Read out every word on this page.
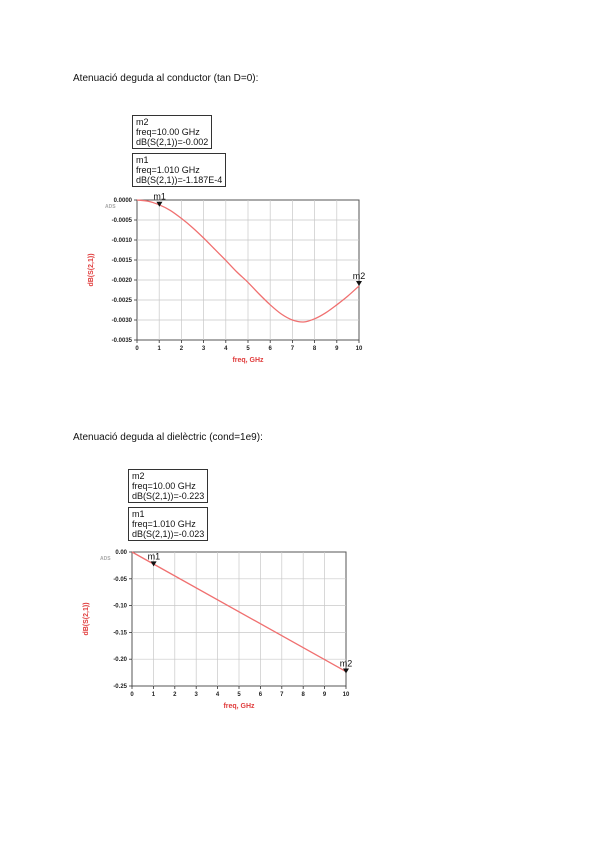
Atenuació deguda al conductor (tan D=0):
m2
freq=10.00 GHz
dB(S(2,1))=-0.002
m1
freq=1.010 GHz
dB(S(2,1))=-1.187E-4
0	1	2	3	4	5	6	7	8	9	10
0.0000
-0.0005
-0.0010
-0.0015
-0.0020
-0.0025
-0.0030
-0.0035
ADS
freq, GHz
dB(S(2,1))	m2
m1
Atenuació deguda al dielèctric (cond=1e9):
m2
freq=10.00 GHz
dB(S(2,1))=-0.223
m1
freq=1.010 GHz
dB(S(2,1))=-0.023
0	1	2	3	4	5	6	7	8	9	10
0.00
-0.05
-0.10
-0.15
-0.20
-0.25
ADS
freq, GHz
dB(S(2,1))
m2
m1
